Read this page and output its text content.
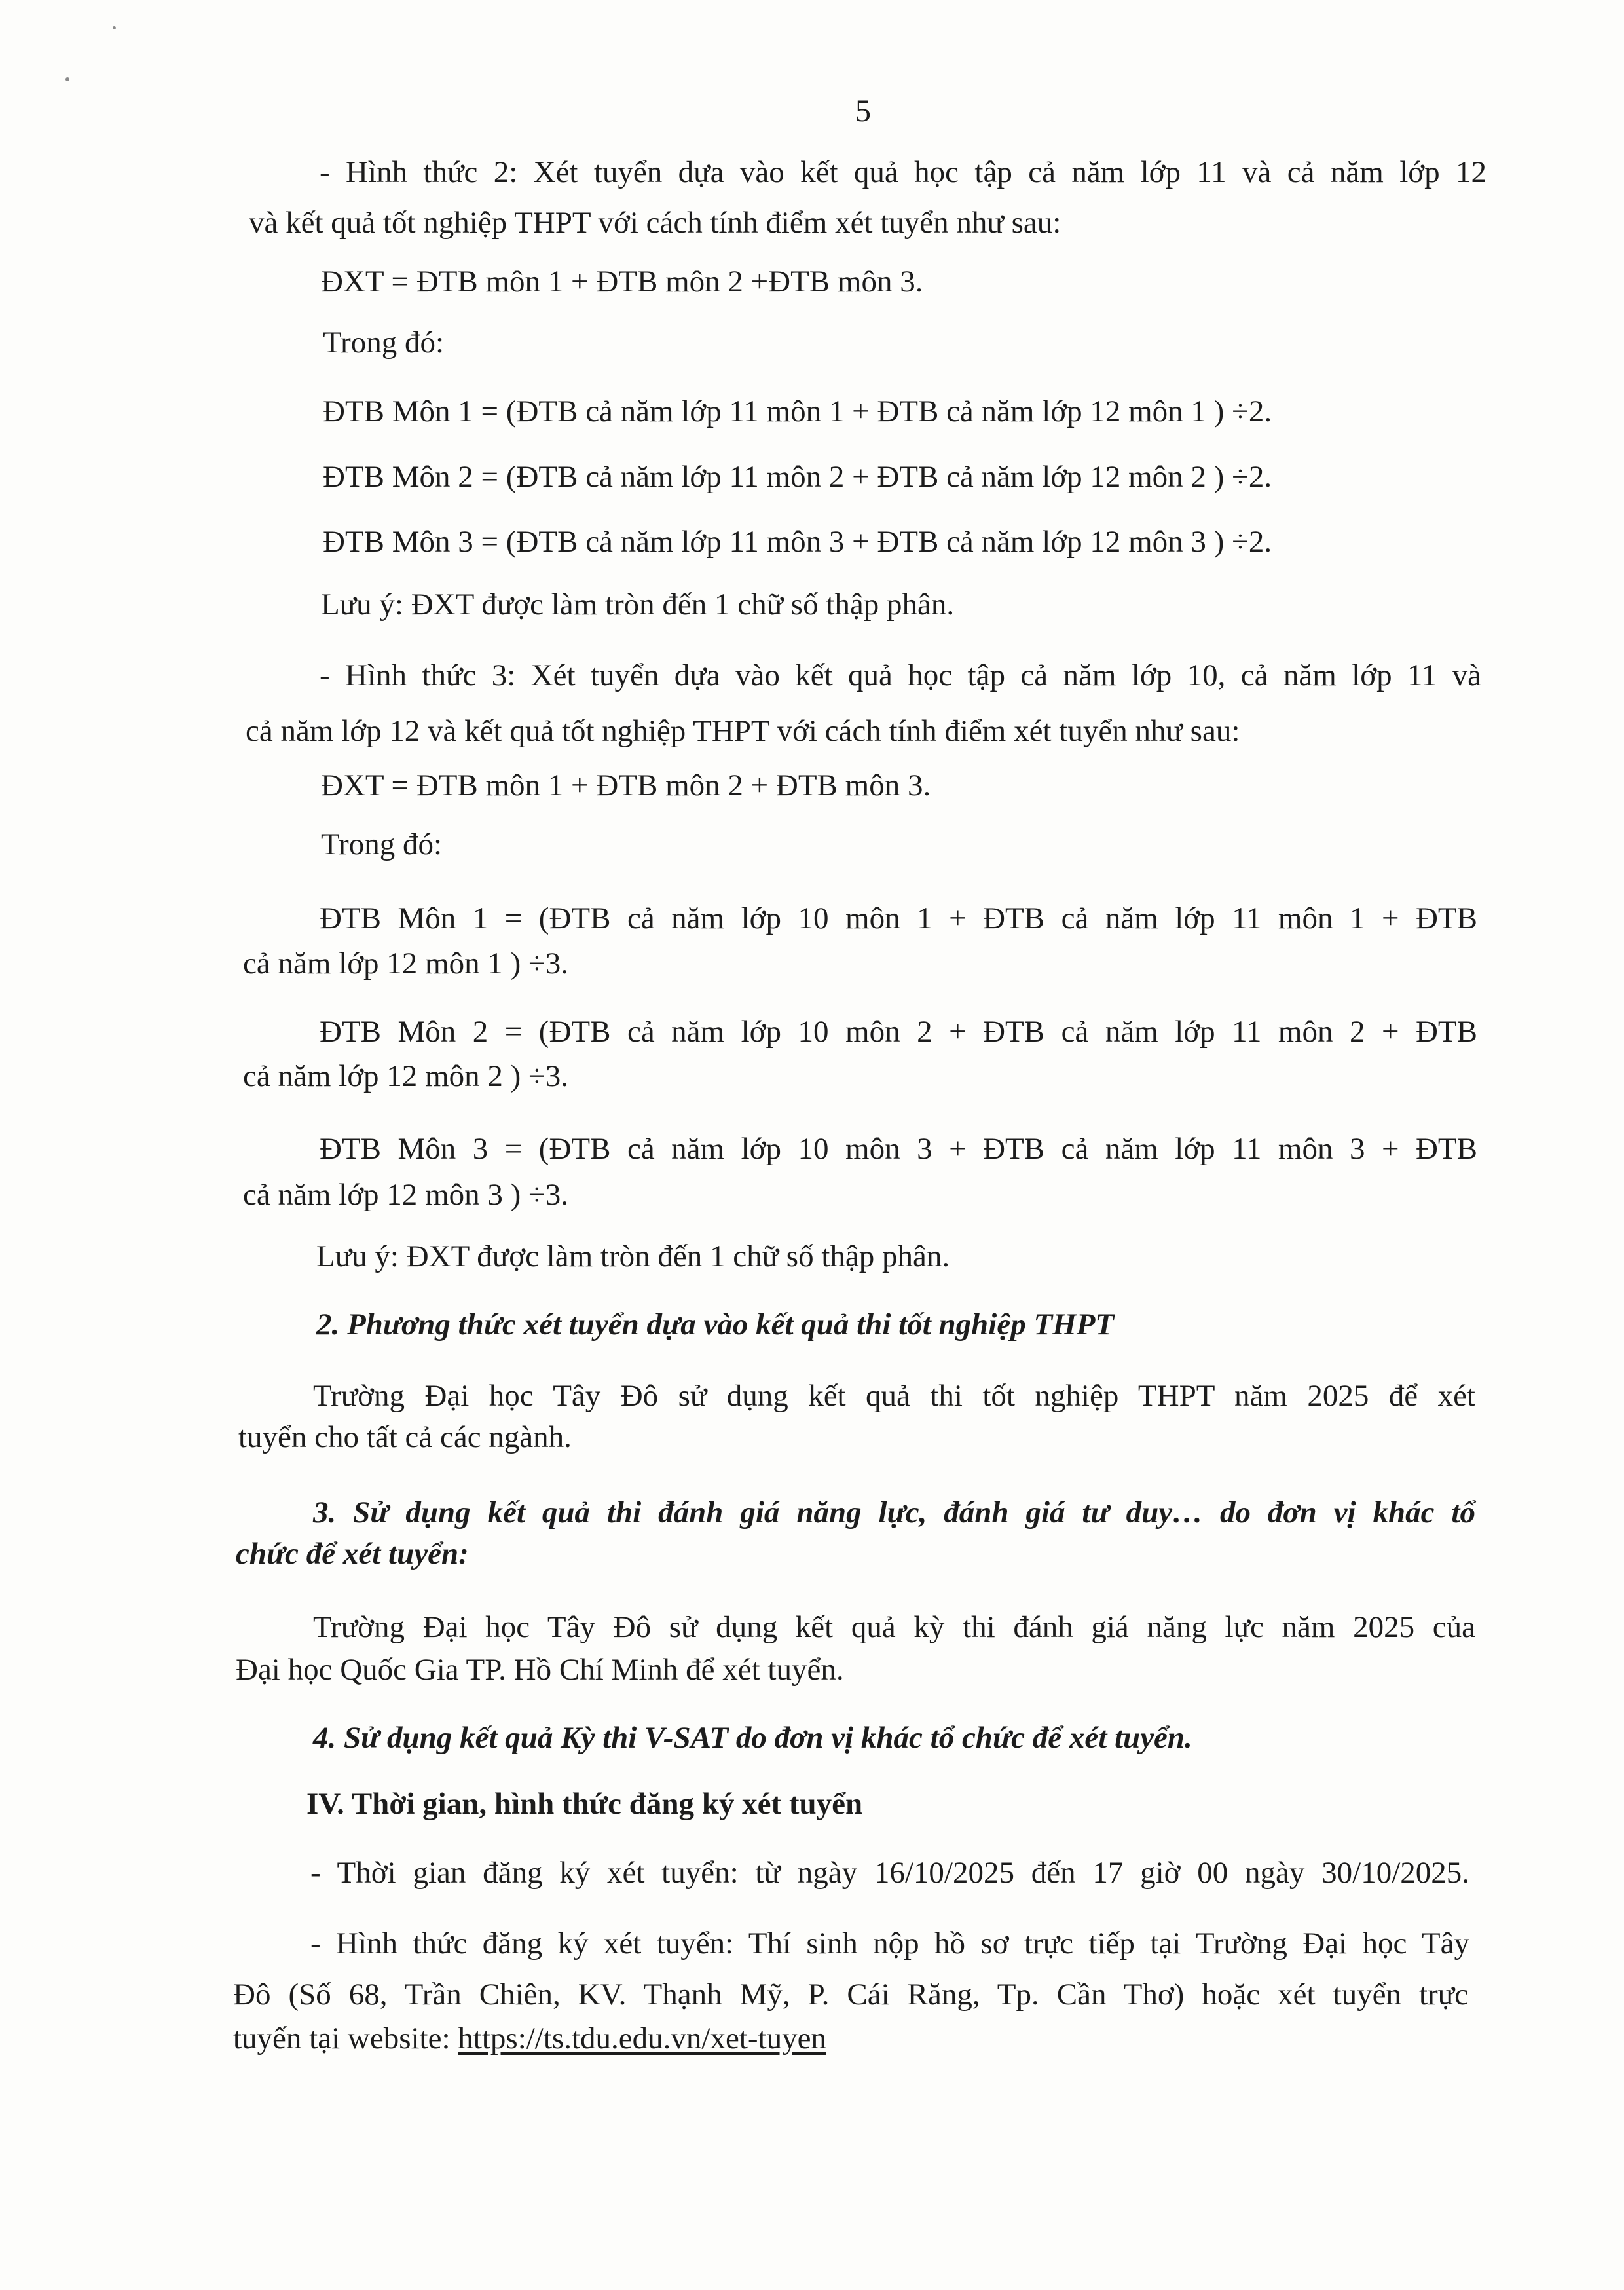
5
- Hình thức 2: Xét tuyển dựa vào kết quả học tập cả năm lớp 11 và cả năm lớp 12
và kết quả tốt nghiệp THPT với cách tính điểm xét tuyển như sau:
ĐXT = ĐTB môn 1 + ĐTB môn 2 +ĐTB môn 3.
Trong đó:
ĐTB Môn 1 = (ĐTB cả năm lớp 11 môn 1 + ĐTB cả năm lớp 12 môn 1 ) ÷2.
ĐTB Môn 2 = (ĐTB cả năm lớp 11 môn 2 + ĐTB cả năm lớp 12 môn 2 ) ÷2.
ĐTB Môn 3 = (ĐTB cả năm lớp 11 môn 3 + ĐTB cả năm lớp 12 môn 3 ) ÷2.
Lưu ý: ĐXT được làm tròn đến 1 chữ số thập phân.
- Hình thức 3: Xét tuyển dựa vào kết quả học tập cả năm lớp 10, cả năm lớp 11 và
cả năm lớp 12 và kết quả tốt nghiệp THPT với cách tính điểm xét tuyển như sau:
ĐXT = ĐTB môn 1 + ĐTB môn 2 + ĐTB môn 3.
Trong đó:
ĐTB Môn 1 = (ĐTB cả năm lớp 10 môn 1 + ĐTB cả năm lớp 11 môn 1 + ĐTB
cả năm lớp 12 môn 1 ) ÷3.
ĐTB Môn 2 = (ĐTB cả năm lớp 10 môn 2 + ĐTB cả năm lớp 11 môn 2 + ĐTB
cả năm lớp 12 môn 2 ) ÷3.
ĐTB Môn 3 = (ĐTB cả năm lớp 10 môn 3 + ĐTB cả năm lớp 11 môn 3 + ĐTB
cả năm lớp 12 môn 3 ) ÷3.
Lưu ý: ĐXT được làm tròn đến 1 chữ số thập phân.
2. Phương thức xét tuyển dựa vào kết quả thi tốt nghiệp THPT
Trường Đại học Tây Đô sử dụng kết quả thi tốt nghiệp THPT năm 2025 để xét
tuyển cho tất cả các ngành.
3. Sử dụng kết quả thi đánh giá năng lực, đánh giá tư duy… do đơn vị khác tổ
chức để xét tuyển:
Trường Đại học Tây Đô sử dụng kết quả kỳ thi đánh giá năng lực năm 2025 của
Đại học Quốc Gia TP. Hồ Chí Minh để xét tuyển.
4. Sử dụng kết quả Kỳ thi V-SAT do đơn vị khác tổ chức để xét tuyển.
IV. Thời gian, hình thức đăng ký xét tuyển
- Thời gian đăng ký xét tuyển: từ ngày 16/10/2025 đến 17 giờ 00 ngày 30/10/2025.
- Hình thức đăng ký xét tuyển: Thí sinh nộp hồ sơ trực tiếp tại Trường Đại học Tây
Đô (Số 68, Trần Chiên, KV. Thạnh Mỹ, P. Cái Răng, Tp. Cần Thơ) hoặc xét tuyển trực
tuyến tại website: https://ts.tdu.edu.vn/xet-tuyen
